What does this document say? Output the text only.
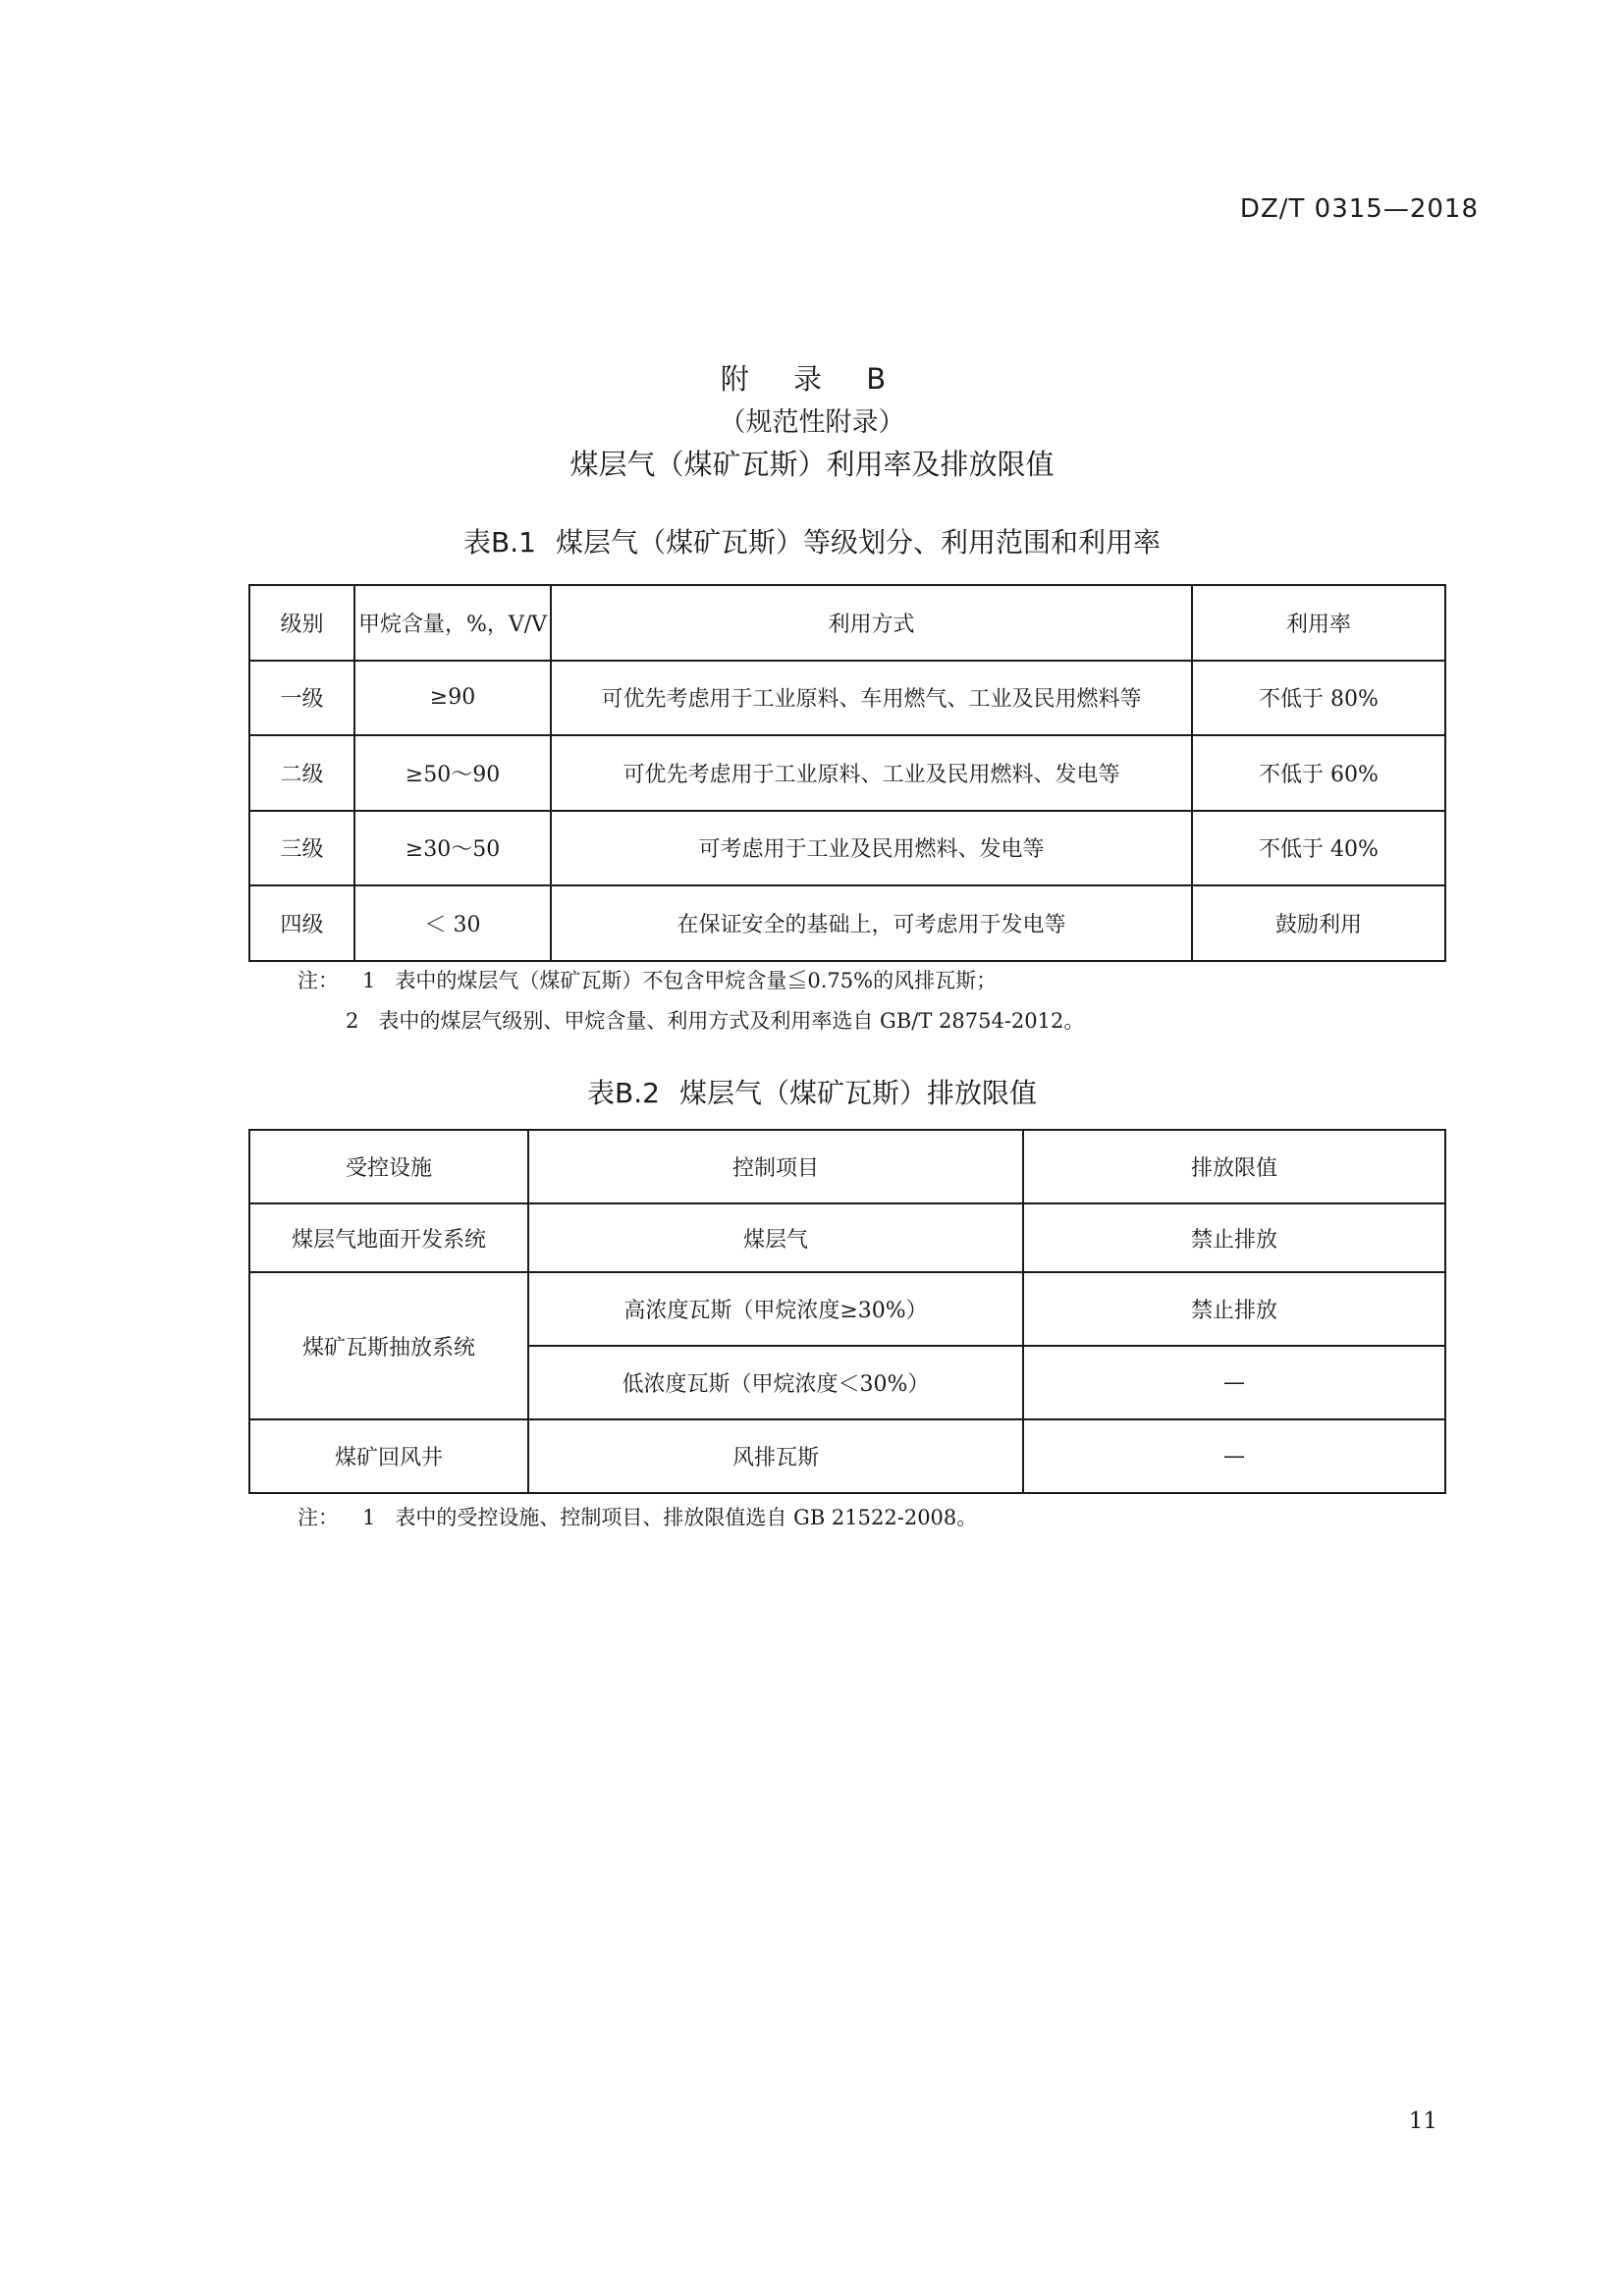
DZ/T 0315—2018
附 录 B
（规范性附录）
煤层气（煤矿瓦斯）利用率及排放限值
表B.1 煤层气（煤矿瓦斯）等级划分、利用范围和利用率
级别	甲烷含量，%，V/V	利用方式	利用率
一级	≥90	可优先考虑用于工业原料、车用燃气、工业及民用燃料等	不低于 80%
二级	≥50～90	可优先考虑用于工业原料、工业及民用燃料、发电等	不低于 60%
三级	≥30～50	可考虑用于工业及民用燃料、发电等	不低于 40%
四级	＜ 30	在保证安全的基础上，可考虑用于发电等	鼓励利用
注： 1 表中的煤层气（煤矿瓦斯）不包含甲烷含量≦0.75%的风排瓦斯；
2 表中的煤层气级别、甲烷含量、利用方式及利用率选自 GB/T 28754-2012。
表B.2 煤层气（煤矿瓦斯）排放限值
受控设施	控制项目	排放限值
煤层气地面开发系统	煤层气	禁止排放
煤矿瓦斯抽放系统	高浓度瓦斯（甲烷浓度≥30%）	禁止排放
	低浓度瓦斯（甲烷浓度＜30%）	—
煤矿回风井	风排瓦斯	—
注： 1 表中的受控设施、控制项目、排放限值选自 GB 21522-2008。
11
